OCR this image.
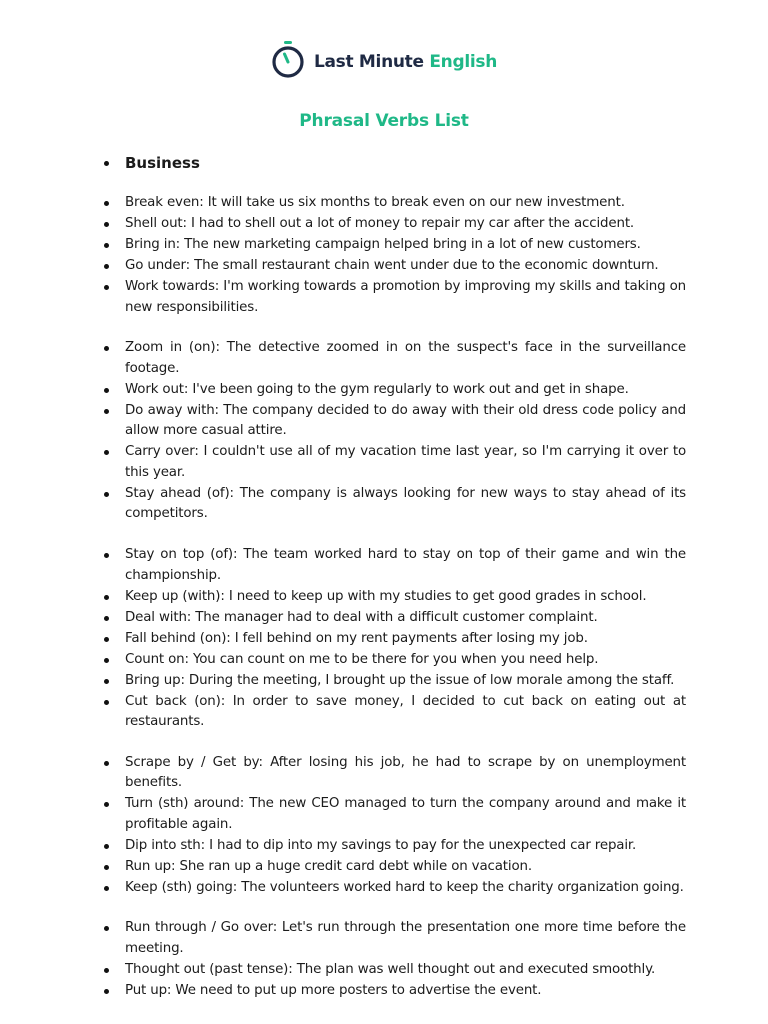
Last Minute English
Phrasal Verbs List
Business
Break even: It will take us six months to break even on our new investment.
Shell out: I had to shell out a lot of money to repair my car after the accident.
Bring in: The new marketing campaign helped bring in a lot of new customers.
Go under: The small restaurant chain went under due to the economic downturn.
Work towards: I'm working towards a promotion by improving my skills and taking on new responsibilities.
Zoom in (on): The detective zoomed in on the suspect's face in the surveillance footage.
Work out: I've been going to the gym regularly to work out and get in shape.
Do away with: The company decided to do away with their old dress code policy and allow more casual attire.
Carry over: I couldn't use all of my vacation time last year, so I'm carrying it over to this year.
Stay ahead (of): The company is always looking for new ways to stay ahead of its competitors.
Stay on top (of): The team worked hard to stay on top of their game and win the championship.
Keep up (with): I need to keep up with my studies to get good grades in school.
Deal with: The manager had to deal with a difficult customer complaint.
Fall behind (on): I fell behind on my rent payments after losing my job.
Count on: You can count on me to be there for you when you need help.
Bring up: During the meeting, I brought up the issue of low morale among the staff.
Cut back (on): In order to save money, I decided to cut back on eating out at restaurants.
Scrape by / Get by: After losing his job, he had to scrape by on unemployment benefits.
Turn (sth) around: The new CEO managed to turn the company around and make it profitable again.
Dip into sth: I had to dip into my savings to pay for the unexpected car repair.
Run up: She ran up a huge credit card debt while on vacation.
Keep (sth) going: The volunteers worked hard to keep the charity organization going.
Run through / Go over: Let's run through the presentation one more time before the meeting.
Thought out (past tense): The plan was well thought out and executed smoothly.
Put up: We need to put up more posters to advertise the event.
